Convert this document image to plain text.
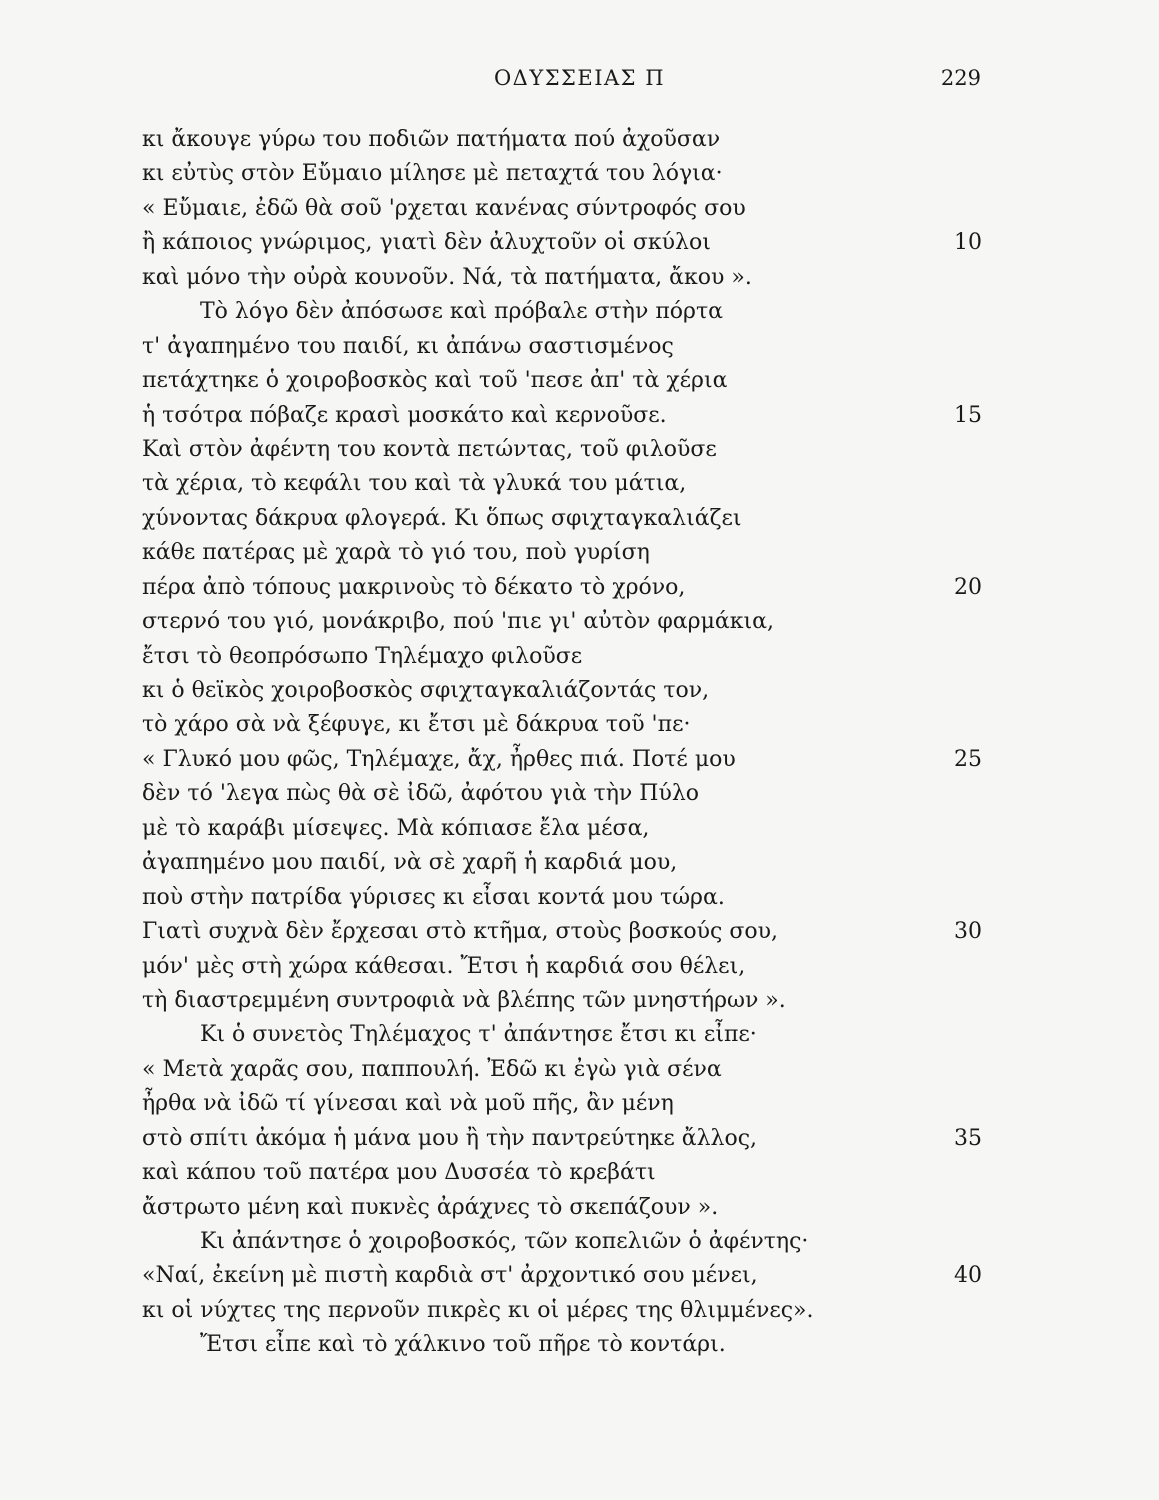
ΟΔΥΣΣΕΙΑΣ Π	229
κι ἄκουγε γύρω του ποδιῶν πατήματα πού ἀχοῦσαν
κι εὐτὺς στὸν Εὔμαιο μίλησε μὲ πεταχτά του λόγια·
« Εὔμαιε, ἐδῶ θὰ σοῦ 'ρχεται κανένας σύντροφός σου
ἢ κάποιος γνώριμος, γιατὶ δὲν ἀλυχτοῦν οἱ σκύλοι	10
καὶ μόνο τὴν οὐρὰ κουνοῦν. Νά, τὰ πατήματα, ἄκου ».
Τὸ λόγο δὲν ἀπόσωσε καὶ πρόβαλε στὴν πόρτα
τ' ἀγαπημένο του παιδί, κι ἀπάνω σαστισμένος
πετάχτηκε ὁ χοιροβοσκὸς καὶ τοῦ 'πεσε ἀπ' τὰ χέρια
ἡ τσότρα πόβαζε κρασὶ μοσκάτο καὶ κερνοῦσε.	15
Καὶ στὸν ἀφέντη του κοντὰ πετώντας, τοῦ φιλοῦσε
τὰ χέρια, τὸ κεφάλι του καὶ τὰ γλυκά του μάτια,
χύνοντας δάκρυα φλογερά. Κι ὅπως σφιχταγκαλιάζει
κάθε πατέρας μὲ χαρὰ τὸ γιό του, ποὺ γυρίση
πέρα ἀπὸ τόπους μακρινοὺς τὸ δέκατο τὸ χρόνο,	20
στερνό του γιό, μονάκριβο, πού 'πιε γι' αὐτὸν φαρμάκια,
ἔτσι τὸ θεοπρόσωπο Τηλέμαχο φιλοῦσε
κι ὁ θεϊκὸς χοιροβοσκὸς σφιχταγκαλιάζοντάς τον,
τὸ χάρο σὰ νὰ ξέφυγε, κι ἔτσι μὲ δάκρυα τοῦ 'πε·
« Γλυκό μου φῶς, Τηλέμαχε, ἄχ, ἦρθες πιά. Ποτέ μου	25
δὲν τό 'λεγα πὼς θὰ σὲ ἰδῶ, ἀφότου γιὰ τὴν Πύλο
μὲ τὸ καράβι μίσεψες. Μὰ κόπιασε ἔλα μέσα,
ἀγαπημένο μου παιδί, νὰ σὲ χαρῆ ἡ καρδιά μου,
ποὺ στὴν πατρίδα γύρισες κι εἶσαι κοντά μου τώρα.
Γιατὶ συχνὰ δὲν ἔρχεσαι στὸ κτῆμα, στοὺς βοσκούς σου,	30
μόν' μὲς στὴ χώρα κάθεσαι. Ἔτσι ἡ καρδιά σου θέλει,
τὴ διαστρεμμένη συντροφιὰ νὰ βλέπης τῶν μνηστήρων ».
Κι ὁ συνετὸς Τηλέμαχος τ' ἀπάντησε ἔτσι κι εἶπε·
« Μετὰ χαρᾶς σου, παππουλή. Ἐδῶ κι ἐγὼ γιὰ σένα
ἦρθα νὰ ἰδῶ τί γίνεσαι καὶ νὰ μοῦ πῆς, ἂν μένη
στὸ σπίτι ἀκόμα ἡ μάνα μου ἢ τὴν παντρεύτηκε ἄλλος,	35
καὶ κάπου τοῦ πατέρα μου Δυσσέα τὸ κρεβάτι
ἄστρωτο μένη καὶ πυκνὲς ἀράχνες τὸ σκεπάζουν ».
Κι ἀπάντησε ὁ χοιροβοσκός, τῶν κοπελιῶν ὁ ἀφέντης·
«Ναί, ἐκείνη μὲ πιστὴ καρδιὰ στ' ἀρχοντικό σου μένει,	40
κι οἱ νύχτες της περνοῦν πικρὲς κι οἱ μέρες της θλιμμένες».
Ἔτσι εἶπε καὶ τὸ χάλκινο τοῦ πῆρε τὸ κοντάρι.
